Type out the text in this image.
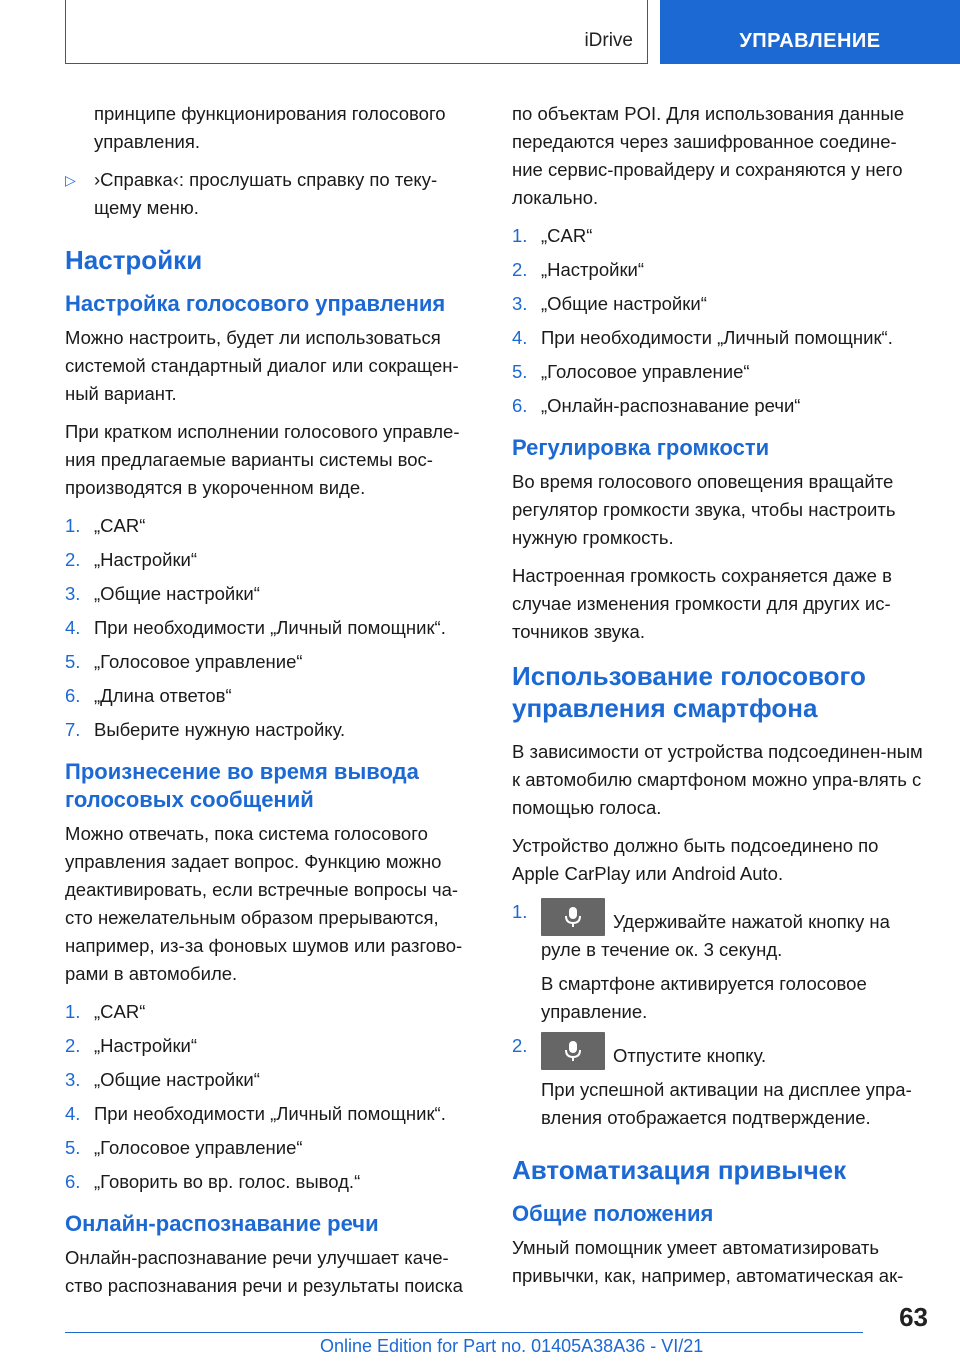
iDrive	УПРАВЛЕНИЕ

принципе функционирования голосового управления.

▷ ›Справка‹: прослушать справку по теку-щему меню.
Настройки
Настройка голосового управления

Можно настроить, будет ли использоваться системой стандартный диалог или сокращен-ный вариант.

При кратком исполнении голосового управле-ния предлагаемые варианты системы вос-производятся в укороченном виде.

1. „CAR“
2. „Настройки“
3. „Общие настройки“
4. При необходимости „Личный помощник“.
5. „Голосовое управление“
6. „Длина ответов“
7. Выберите нужную настройку.
Произнесение во время вывода голосовых сообщений

Можно отвечать, пока система голосового управления задает вопрос. Функцию можно деактивировать, если встречные вопросы ча-сто нежелательным образом прерываются, например, из-за фоновых шумов или разгово-рами в автомобиле.

1. „CAR“
2. „Настройки“
3. „Общие настройки“
4. При необходимости „Личный помощник“.
5. „Голосовое управление“
6. „Говорить во вр. голос. вывод.“
Онлайн-распознавание речи

Онлайн-распознавание речи улучшает каче-ство распознавания речи и результаты поиска

по объектам POI. Для использования данные передаются через зашифрованное соедине-ние сервис-провайдеру и сохраняются у него локально.

1. „CAR“
2. „Настройки“
3. „Общие настройки“
4. При необходимости „Личный помощник“.
5. „Голосовое управление“
6. „Онлайн-распознавание речи“
Регулировка громкости

Во время голосового оповещения вращайте регулятор громкости звука, чтобы настроить нужную громкость.

Настроенная громкость сохраняется даже в случае изменения громкости для других ис-точников звука.

Использование голосового управления смартфона

В зависимости от устройства подсоединен-ным к автомобилю смартфоном можно упра-влять с помощью голоса.

Устройство должно быть подсоединено по Apple CarPlay или Android Auto.

1.	Удерживайте нажатой кнопку на руле в течение ок. 3 секунд.

В смартфоне активируется голосовое управление.

2.	Отпустите кнопку.

При успешной активации на дисплее упра-вления отображается подтверждение.

Автоматизация привычек
Общие положения

Умный помощник умеет автоматизировать привычки, как, например, автоматическая ак-

63
Online Edition for Part no. 01405A38A36 - VI/21
